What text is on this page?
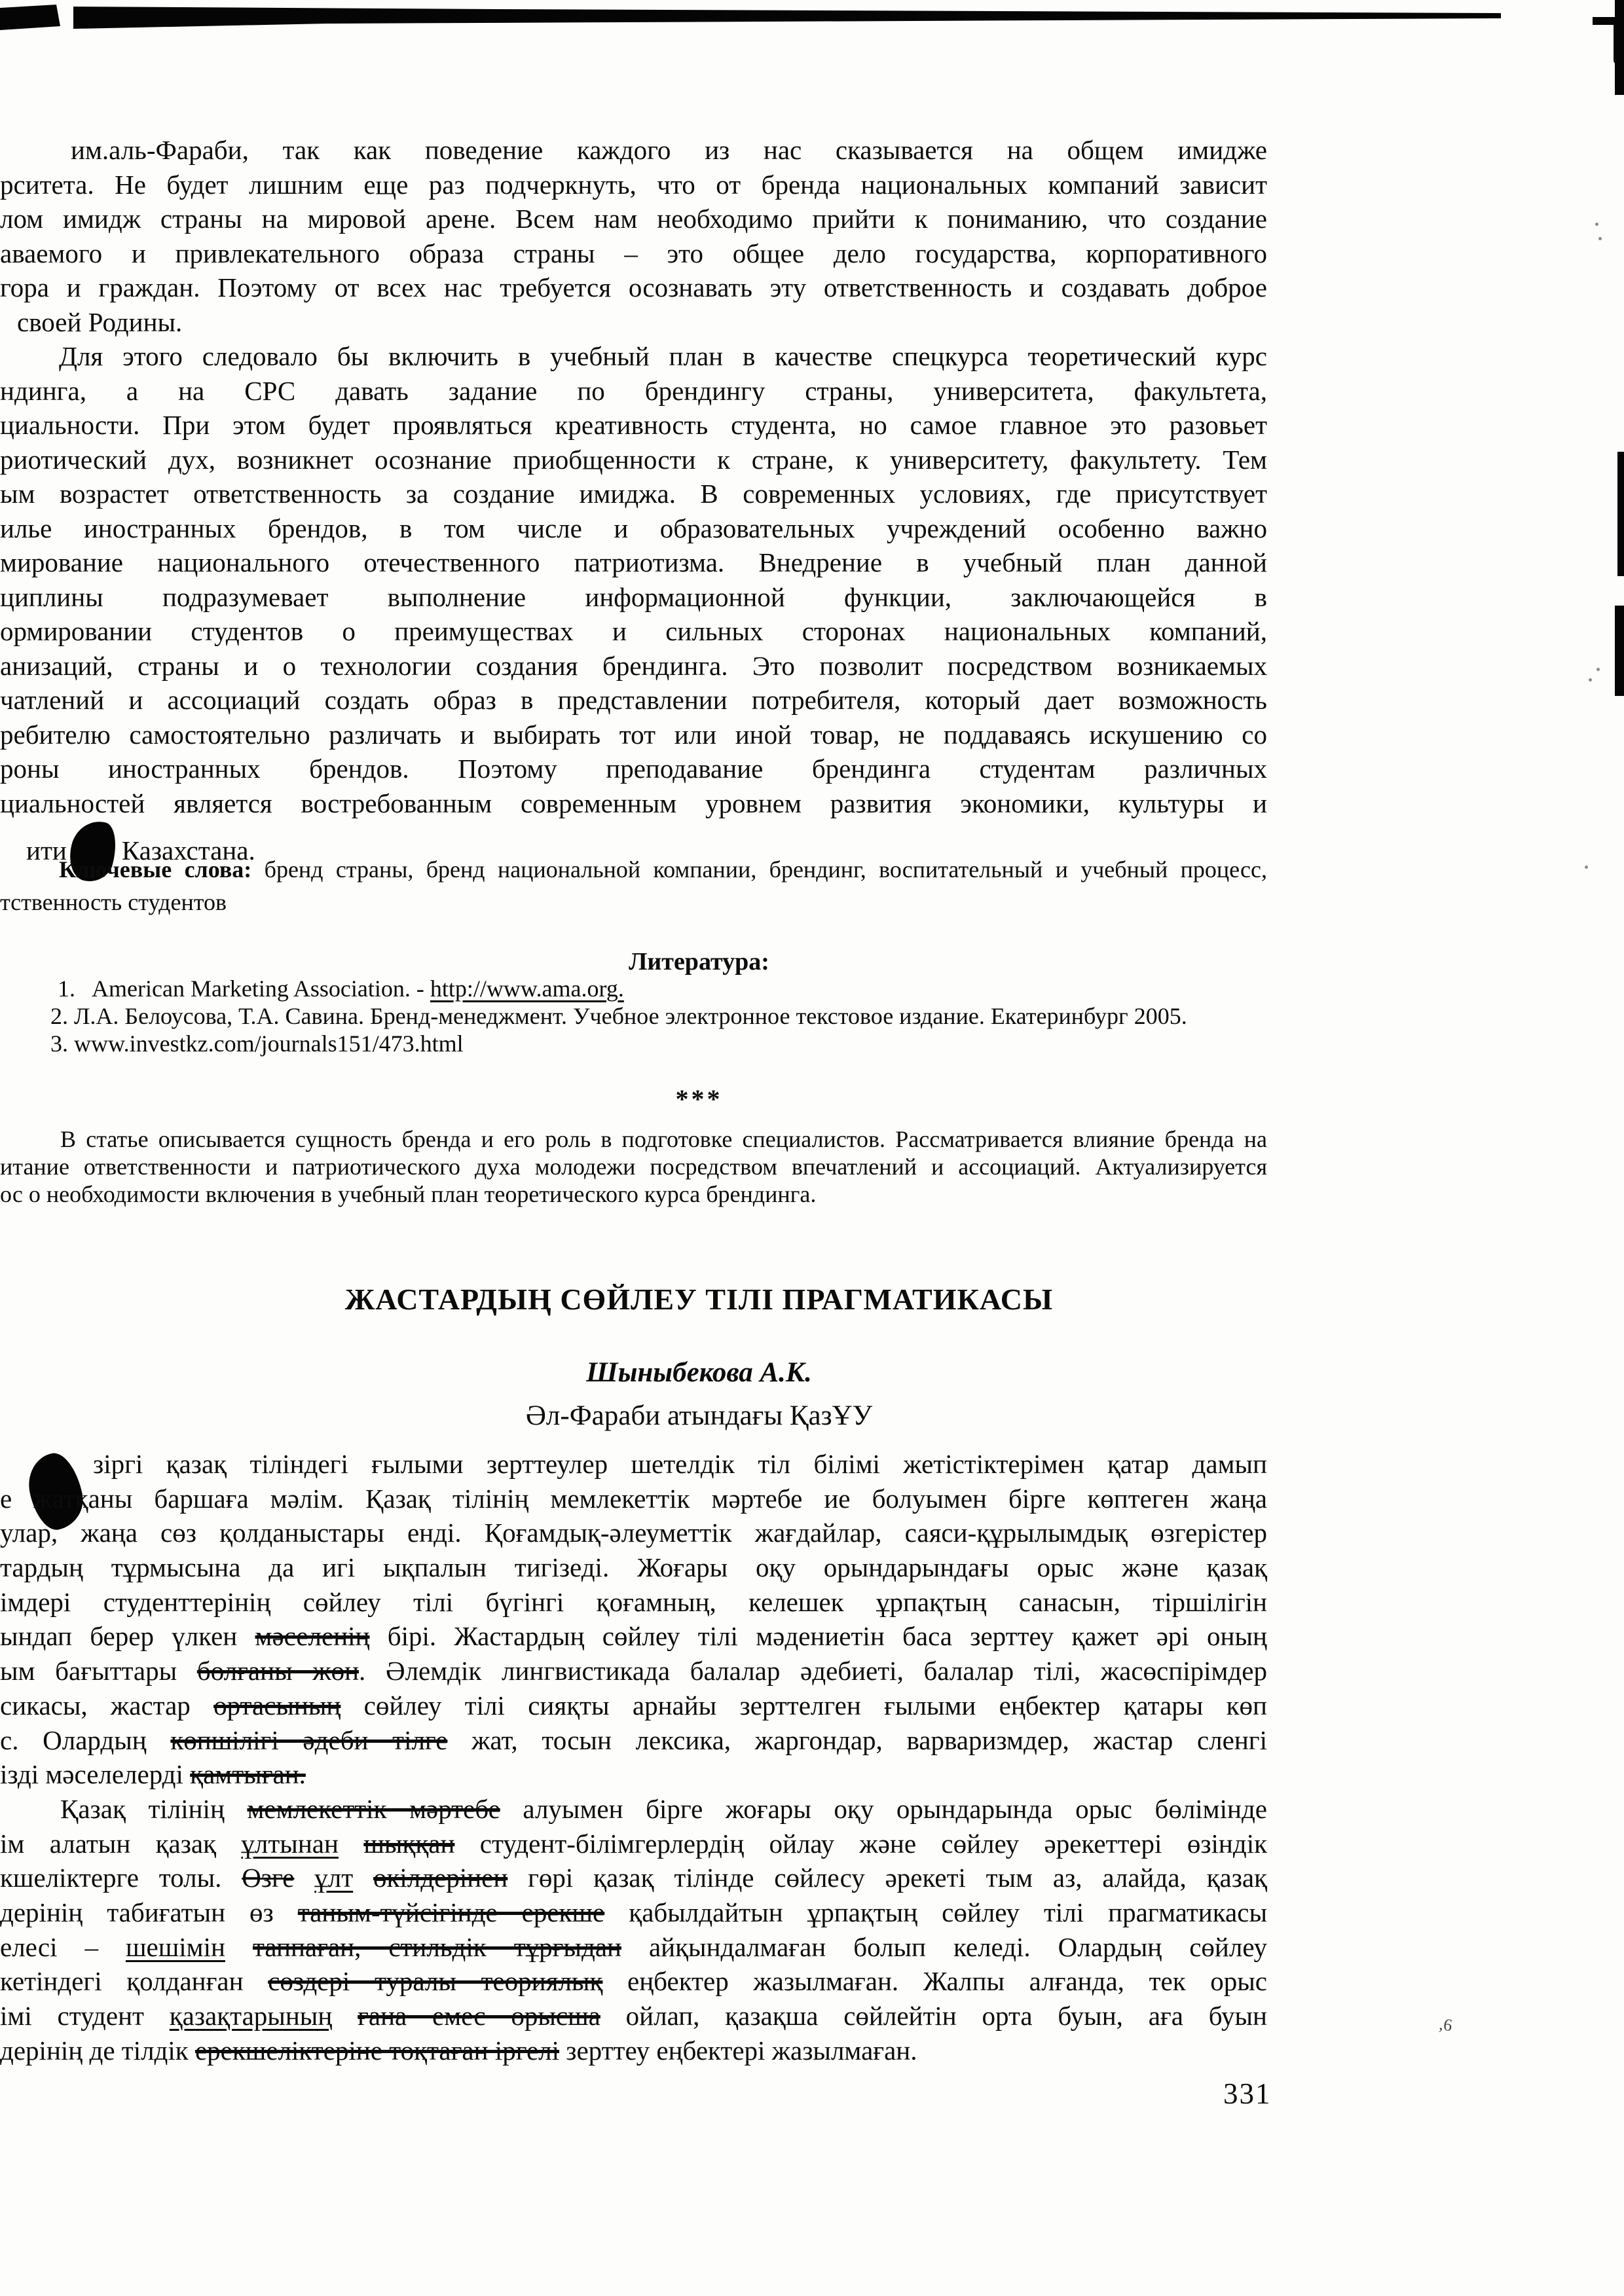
,6
им.аль-Фараби, так как поведение каждого из нас сказывается на общем имидже
рситета. Не будет лишним еще раз подчеркнуть, что от бренда национальных компаний зависит
лом имидж страны на мировой арене. Всем нам необходимо прийти к пониманию, что создание
аваемого и привлекательного образа страны – это общее дело государства, корпоративного
гора и граждан. Поэтому от всех нас требуется осознавать эту ответственность и создавать доброе
своей Родины.
Для этого следовало бы включить в учебный план в качестве спецкурса теоретический курс
ндинга, а на СРС давать задание по брендингу страны, университета, факультета,
циальности. При этом будет проявляться креативность студента, но самое главное это разовьет
риотический дух, возникнет осознание приобщенности к стране, к университету, факультету. Тем
ым возрастет ответственность за создание имиджа. В современных условиях, где присутствует
илье иностранных брендов, в том числе и образовательных учреждений особенно важно
мирование национального отечественного патриотизма. Внедрение в учебный план данной
циплины подразумевает выполнение информационной функции, заключающейся в
ормировании студентов о преимуществах и сильных сторонах национальных компаний,
анизаций, страны и о технологии создания брендинга. Это позволит посредством возникаемых
чатлений и ассоциаций создать образ в представлении потребителя, который дает возможность
ребителю самостоятельно различать и выбирать тот или иной товар, не поддаваясь искушению со
роны иностранных брендов. Поэтому преподавание брендинга студентам различных
циальностей является востребованным современным уровнем развития экономики, культуры и
ити Казахстана.
Ключевые слова: бренд страны, бренд национальной компании, брендинг, воспитательный и учебный процесс,
тственность студентов
Литература:
1.   American Marketing Association. - http://www.ama.org.
2. Л.А. Белоусова, Т.А. Савина. Бренд-менеджмент. Учебное электронное текстовое издание. Екатеринбург 2005.
3. www.investkz.com/journals151/473.html
***
В статье описывается сущность бренда и его роль в подготовке специалистов. Рассматривается влияние бренда на
итание ответственности и патриотического духа молодежи посредством впечатлений и ассоциаций. Актуализируется
ос о необходимости включения в учебный план теоретического курса брендинга.
ЖАСТАРДЫҢ СӨЙЛЕУ ТІЛІ ПРАГМАТИКАСЫ
Шыныбекова А.К.
Әл-Фараби атындағы ҚазҰУ
зіргі қазақ тіліндегі ғылыми зерттеулер шетелдік тіл білімі жетістіктерімен қатар дамып
е жатқаны баршаға мәлім. Қазақ тілінің мемлекеттік мәртебе ие болуымен бірге көптеген жаңа
улар, жаңа сөз қолданыстары енді. Қоғамдық-әлеуметтік жағдайлар, саяси-құрылымдық өзгерістер
тардың тұрмысына да игі ықпалын тигізеді. Жоғары оқу орындарындағы орыс және қазақ
імдері студенттерінің сөйлеу тілі бүгінгі қоғамның, келешек ұрпақтың санасын, тіршілігін
ындап берер үлкен мәселенің бірі. Жастардың сөйлеу тілі мәдениетін баса зерттеу қажет әрі оның
ым бағыттары болғаны жөн. Әлемдік лингвистикада балалар әдебиеті, балалар тілі, жасөспірімдер
сикасы, жастар ортасының сөйлеу тілі сияқты арнайы зерттелген ғылыми еңбектер қатары көп
с. Олардың көпшілігі әдеби тілге жат, тосын лексика, жаргондар, варваризмдер, жастар сленгі
ізді мәселелерді қамтыған.
Қазақ тілінің мемлекеттік мәртебе алуымен бірге жоғары оқу орындарында орыс бөлімінде
ім алатын қазақ ұлтынан шыққан студент-білімгерлердің ойлау және сөйлеу әрекеттері өзіндік
кшеліктерге толы. Өзге ұлт өкілдерінен гөрі қазақ тілінде сөйлесу әрекеті тым аз, алайда, қазақ
дерінің табиғатын өз таным-түйсігінде ерекше қабылдайтын ұрпақтың сөйлеу тілі прагматикасы
елесі – шешімін таппаған, стильдік тұрғыдан айқындалмаған болып келеді. Олардың сөйлеу
кетіндегі қолданған сөздері туралы теориялық еңбектер жазылмаған. Жалпы алғанда, тек орыс
імі студент қазақтарының ғана емес орысша ойлап, қазақша сөйлейтін орта буын, аға буын
дерінің де тілдік ерекшеліктеріне тоқтаған іргелі зерттеу еңбектері жазылмаған.
331
